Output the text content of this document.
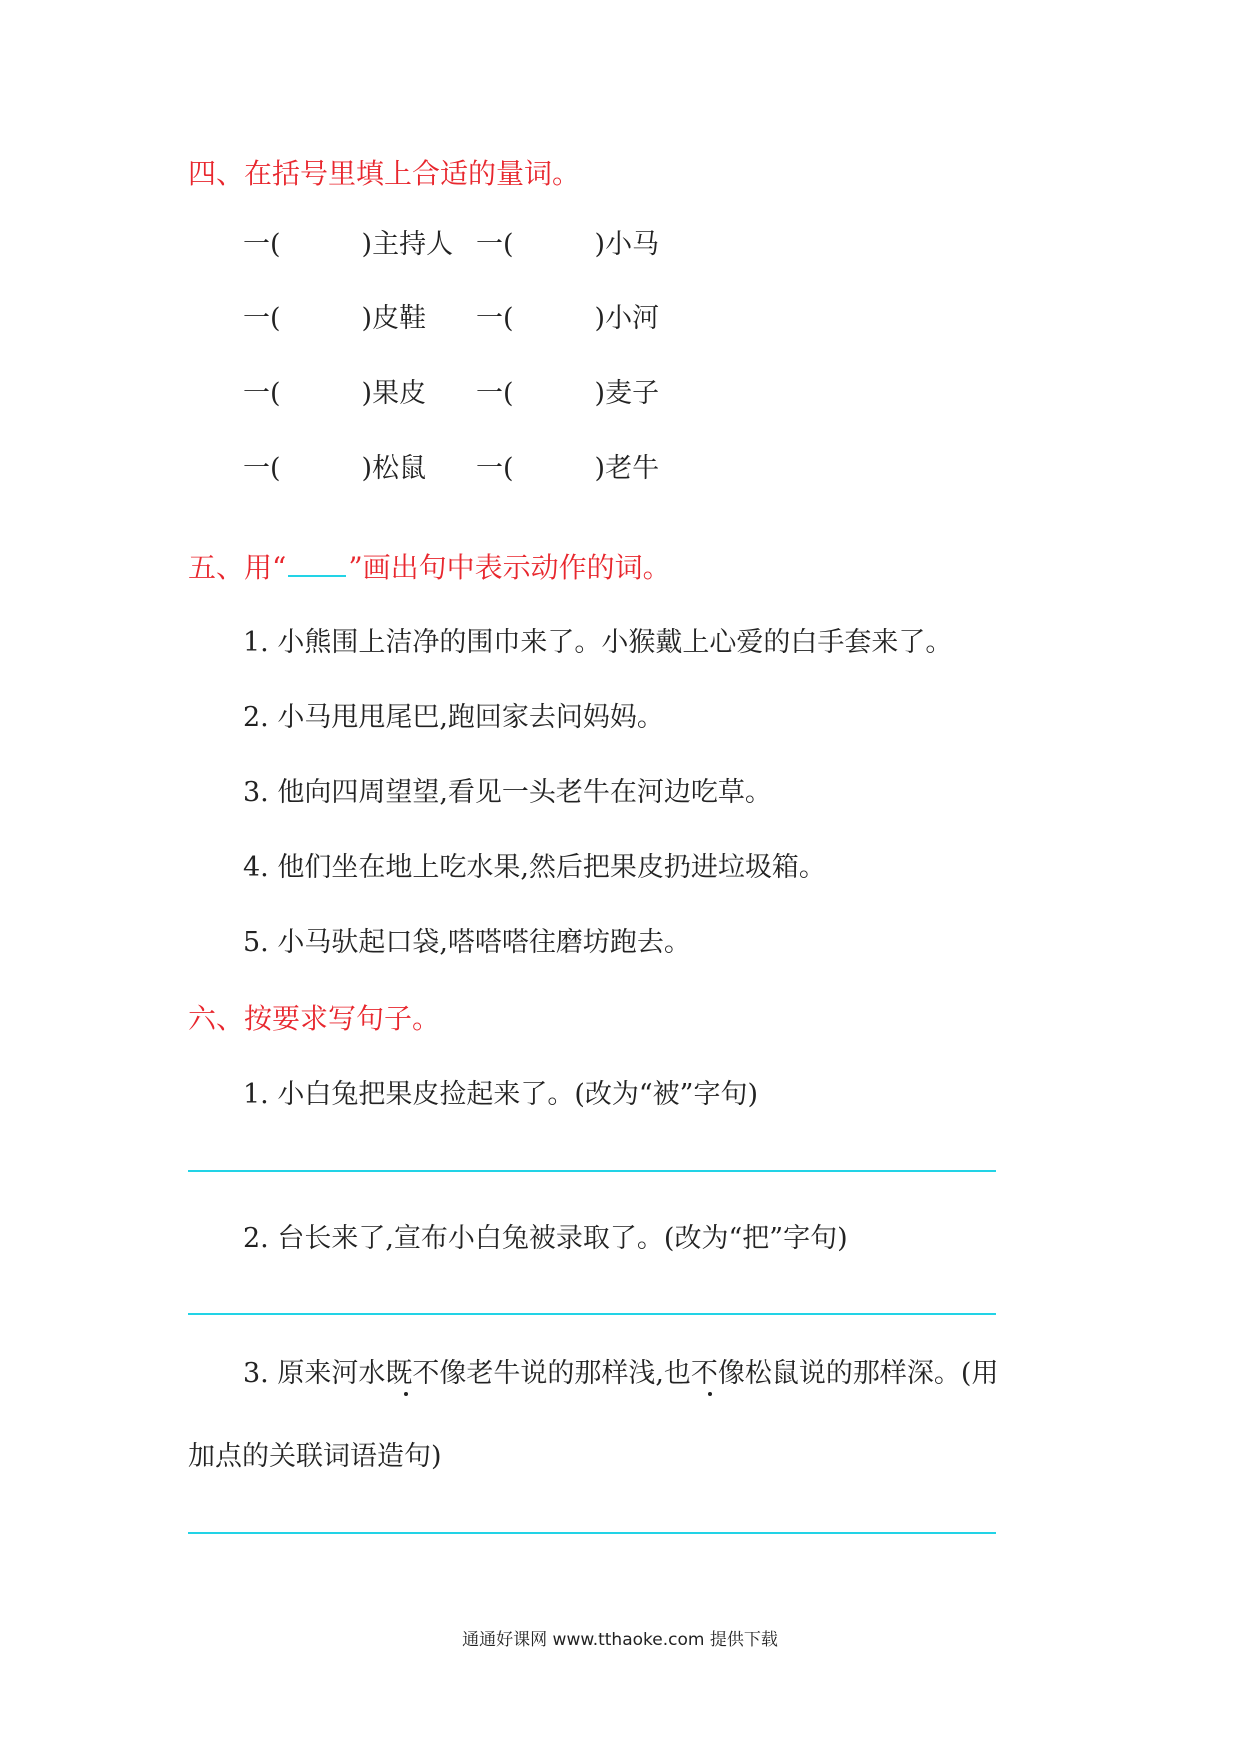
四、在括号里填上合适的量词。
一(　　　)主持人 一(　　　)小马
一(　　　)皮鞋 一(　　　)小河
一(　　　)果皮 一(　　　)麦子
一(　　　)松鼠 一(　　　)老牛
五、用“ ”画出句中表示动作的词。
1. 小熊围上洁净的围巾来了。小猴戴上心爱的白手套来了。
2. 小马甩甩尾巴,跑回家去问妈妈。
3. 他向四周望望,看见一头老牛在河边吃草。
4. 他们坐在地上吃水果,然后把果皮扔进垃圾箱。
5. 小马驮起口袋,嗒嗒嗒往磨坊跑去。
六、按要求写句子。
1. 小白兔把果皮捡起来了。(改为“被”字句)
2. 台长来了,宣布小白兔被录取了。(改为“把”字句)
3. 原来河水既不像老牛说的那样浅,也不像松鼠说的那样深。(用
加点的关联词语造句)
通通好课网 www.tthaoke.com 提供下载
